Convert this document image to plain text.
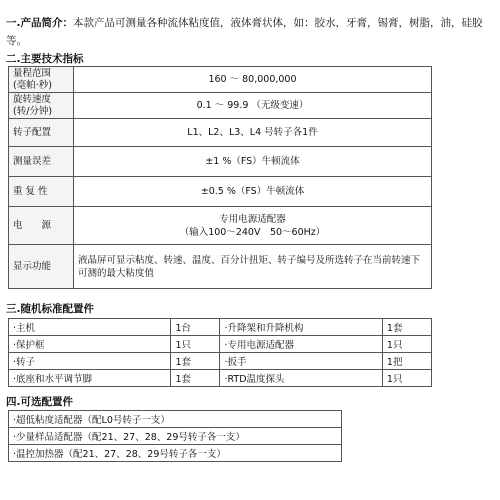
一.产品简介：本款产品可测量各种流体粘度值，液体膏状体，如：胶水，牙膏，锡膏，树脂，油，硅胶等。
二.主要技术指标
量程范围
(毫帕·秒)	160 ～ 80,000,000
旋转速度
(转/分钟)	0.1 ～ 99.9 （无级变速）
转子配置	L1、L2、L3、L4 号转子各1件
测量误差	±1 %（FS）牛顿流体
重 复 性	±0.5 %（FS）牛顿流体
电　　源	专用电源适配器
（输入100～240V　50～60Hz）
显示功能	液晶屏可显示粘度、转速、温度、百分计扭矩、转子编号及所选转子在当前转速下可测的最大粘度值
三.随机标准配置件
·主机	1台	·升降架和升降机构	1套
·保护框	1只	·专用电源适配器	1只
·转子	1套	·扳手	1把
·底座和水平调节脚	1套	·RTD温度探头	1只
四.可选配置件
·超低粘度适配器（配L0号转子一支）
·少量样品适配器（配21、27、28、29号转子各一支）
·温控加热器（配21、27、28、29号转子各一支）
